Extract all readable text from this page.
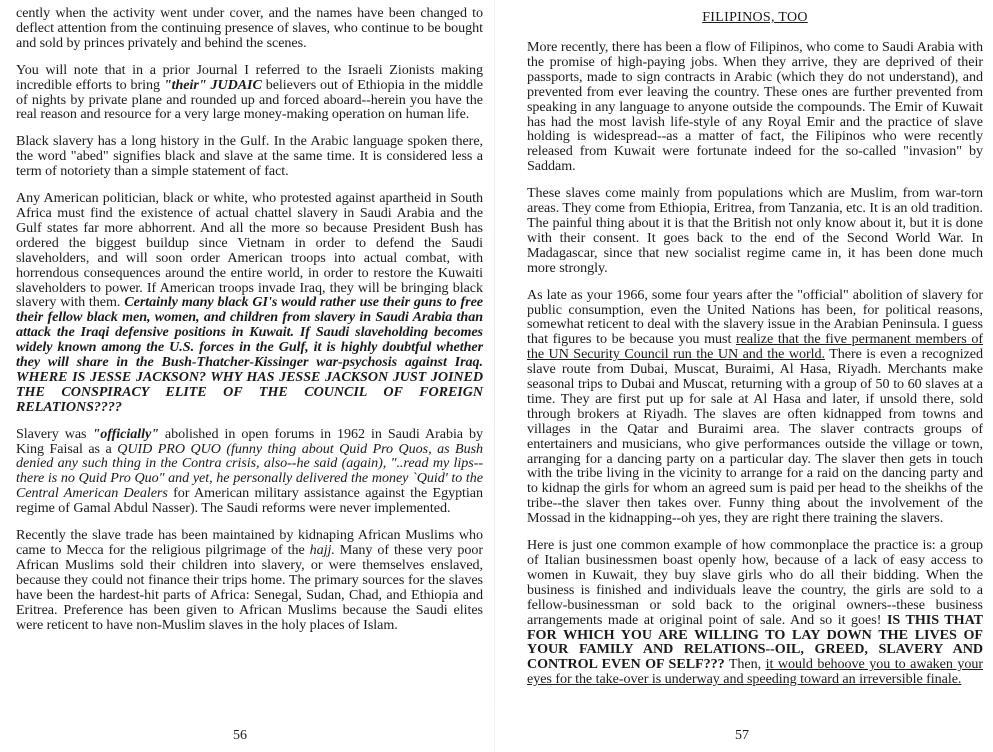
cently when the activity went under cover, and the names have been changed to deflect attention from the continuing presence of slaves, who continue to be bought and sold by princes privately and behind the scenes.

You will note that in a prior Journal I referred to the Israeli Zionists making incredible efforts to bring "their" JUDAIC believers out of Ethiopia in the middle of nights by private plane and rounded up and forced aboard--herein you have the real reason and resource for a very large money-making operation on human life.

Black slavery has a long history in the Gulf. In the Arabic language spoken there, the word "abed" signifies black and slave at the same time. It is considered less a term of notoriety than a simple statement of fact.

Any American politician, black or white, who protested against apartheid in South Africa must find the existence of actual chattel slavery in Saudi Arabia and the Gulf states far more abhorrent. And all the more so because President Bush has ordered the biggest buildup since Vietnam in order to defend the Saudi slaveholders, and will soon order American troops into actual combat, with horrendous consequences around the entire world, in order to restore the Kuwaiti slaveholders to power. If American troops invade Iraq, they will be bringing black slavery with them. Certainly many black GI's would rather use their guns to free their fellow black men, women, and children from slavery in Saudi Arabia than attack the Iraqi defensive positions in Kuwait. If Saudi slaveholding becomes widely known among the U.S. forces in the Gulf, it is highly doubtful whether they will share in the Bush-Thatcher-Kissinger war-psychosis against Iraq. WHERE IS JESSE JACKSON? WHY HAS JESSE JACKSON JUST JOINED THE CONSPIRACY ELITE OF THE COUNCIL OF FOREIGN RELATIONS????

Slavery was "officially" abolished in open forums in 1962 in Saudi Arabia by King Faisal as a QUID PRO QUO (funny thing about Quid Pro Quos, as Bush denied any such thing in the Contra crisis, also--he said (again), "..read my lips--there is no Quid Pro Quo" and yet, he personally delivered the money `Quid' to the Central American Dealers for American military assistance against the Egyptian regime of Gamal Abdul Nasser). The Saudi reforms were never implemented.

Recently the slave trade has been maintained by kidnaping African Muslims who came to Mecca for the religious pilgrimage of the hajj. Many of these very poor African Muslims sold their children into slavery, or were themselves enslaved, because they could not finance their trips home. The primary sources for the slaves have been the hardest-hit parts of Africa: Senegal, Sudan, Chad, and Ethiopia and Eritrea. Preference has been given to African Muslims because the Saudi elites were reticent to have non-Muslim slaves in the holy places of Islam.

56
FILIPINOS, TOO

More recently, there has been a flow of Filipinos, who come to Saudi Arabia with the promise of high-paying jobs. When they arrive, they are deprived of their passports, made to sign contracts in Arabic (which they do not understand), and prevented from ever leaving the country. These ones are further prevented from speaking in any language to anyone outside the compounds. The Emir of Kuwait has had the most lavish life-style of any Royal Emir and the practice of slave holding is widespread--as a matter of fact, the Filipinos who were recently released from Kuwait were fortunate indeed for the so-called "invasion" by Saddam.

These slaves come mainly from populations which are Muslim, from war-torn areas. They come from Ethiopia, Eritrea, from Tanzania, etc. It is an old tradition. The painful thing about it is that the British not only know about it, but it is done with their consent. It goes back to the end of the Second World War. In Madagascar, since that new socialist regime came in, it has been done much more strongly.

As late as your 1966, some four years after the "official" abolition of slavery for public consumption, even the United Nations has been, for political reasons, somewhat reticent to deal with the slavery issue in the Arabian Peninsula. I guess that figures to be because you must realize that the five permanent members of the UN Security Council run the UN and the world. There is even a recognized slave route from Dubai, Muscat, Buraimi, Al Hasa, Riyadh. Merchants make seasonal trips to Dubai and Muscat, returning with a group of 50 to 60 slaves at a time. They are first put up for sale at Al Hasa and later, if unsold there, sold through brokers at Riyadh. The slaves are often kidnapped from towns and villages in the Qatar and Buraimi area. The slaver contracts groups of entertainers and musicians, who give performances outside the village or town, arranging for a dancing party on a particular day. The slaver then gets in touch with the tribe living in the vicinity to arrange for a raid on the dancing party and to kidnap the girls for whom an agreed sum is paid per head to the sheikhs of the tribe--the slaver then takes over. Funny thing about the involvement of the Mossad in the kidnapping--oh yes, they are right there training the slavers.

Here is just one common example of how commonplace the practice is: a group of Italian businessmen boast openly how, because of a lack of easy access to women in Kuwait, they buy slave girls who do all their bidding. When the business is finished and individuals leave the country, the girls are sold to a fellow-businessman or sold back to the original owners--these business arrangements made at original point of sale. And so it goes! IS THIS THAT FOR WHICH YOU ARE WILLING TO LAY DOWN THE LIVES OF YOUR FAMILY AND RELATIONS--OIL, GREED, SLAVERY AND CONTROL EVEN OF SELF??? Then, it would behoove you to awaken your eyes for the take-over is underway and speeding toward an irreversible finale.

57
